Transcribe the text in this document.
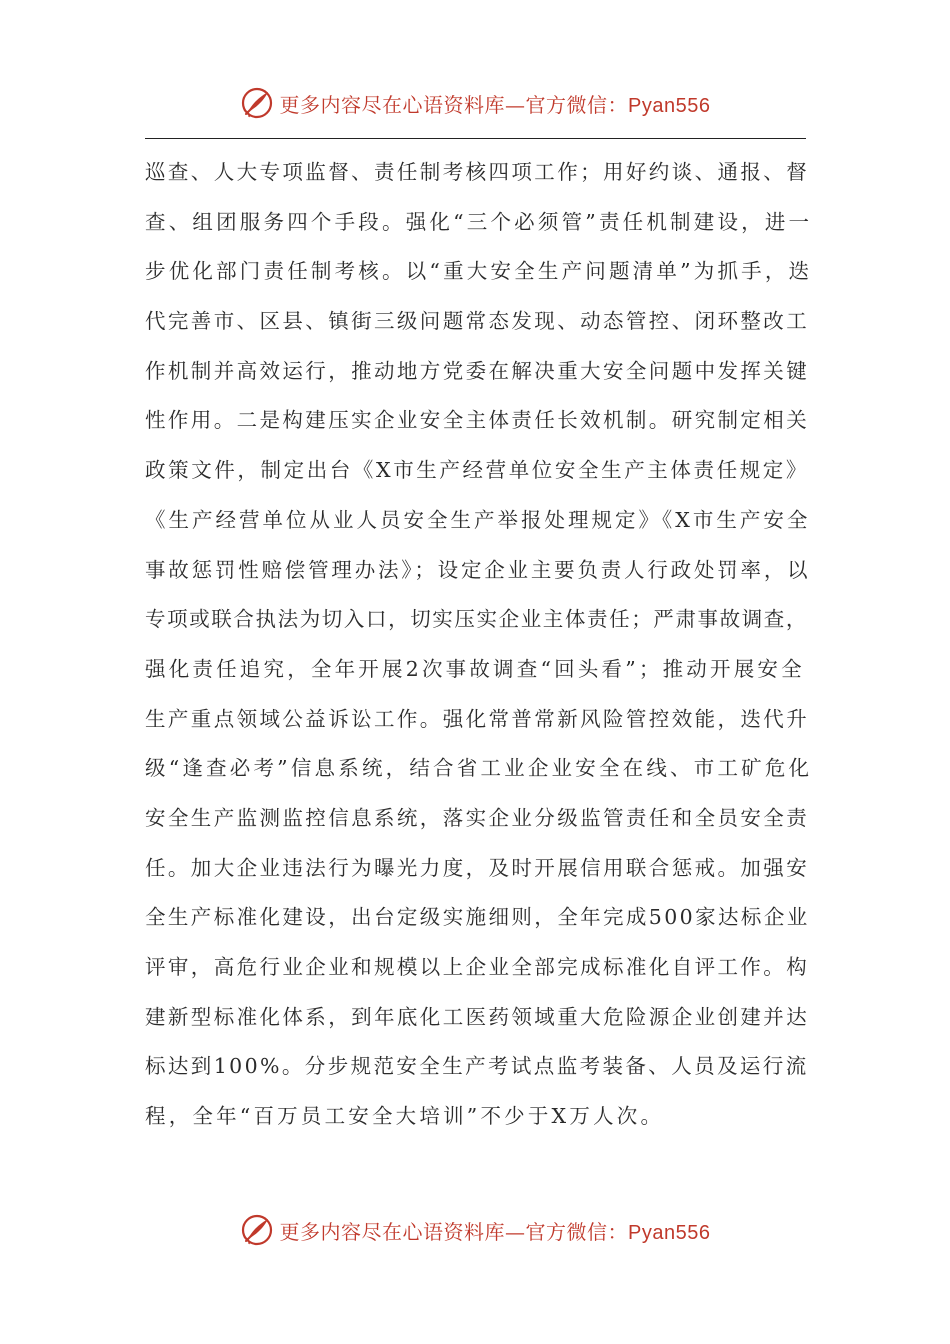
更多内容尽在心语资料库—官方微信：Pyan556
巡查、人大专项监督、责任制考核四项工作；用好约谈、通报、督
查、组团服务四个手段。强化“三个必须管”责任机制建设，进一
步优化部门责任制考核。以“重大安全生产问题清单”为抓手，迭
代完善市、区县、镇街三级问题常态发现、动态管控、闭环整改工
作机制并高效运行，推动地方党委在解决重大安全问题中发挥关键
性作用。二是构建压实企业安全主体责任长效机制。研究制定相关
政策文件，制定出台《X市生产经营单位安全生产主体责任规定》
《生产经营单位从业人员安全生产举报处理规定》《X市生产安全
事故惩罚性赔偿管理办法》；设定企业主要负责人行政处罚率，以
专项或联合执法为切入口，切实压实企业主体责任；严肃事故调查，
强化责任追究，全年开展2次事故调查“回头看”；推动开展安全
生产重点领域公益诉讼工作。强化常普常新风险管控效能，迭代升
级“逢查必考”信息系统，结合省工业企业安全在线、市工矿危化
安全生产监测监控信息系统，落实企业分级监管责任和全员安全责
任。加大企业违法行为曝光力度，及时开展信用联合惩戒。加强安
全生产标准化建设，出台定级实施细则，全年完成500家达标企业
评审，高危行业企业和规模以上企业全部完成标准化自评工作。构
建新型标准化体系，到年底化工医药领域重大危险源企业创建并达
标达到100%。分步规范安全生产考试点监考装备、人员及运行流
程，全年“百万员工安全大培训”不少于X万人次。
更多内容尽在心语资料库—官方微信：Pyan556
